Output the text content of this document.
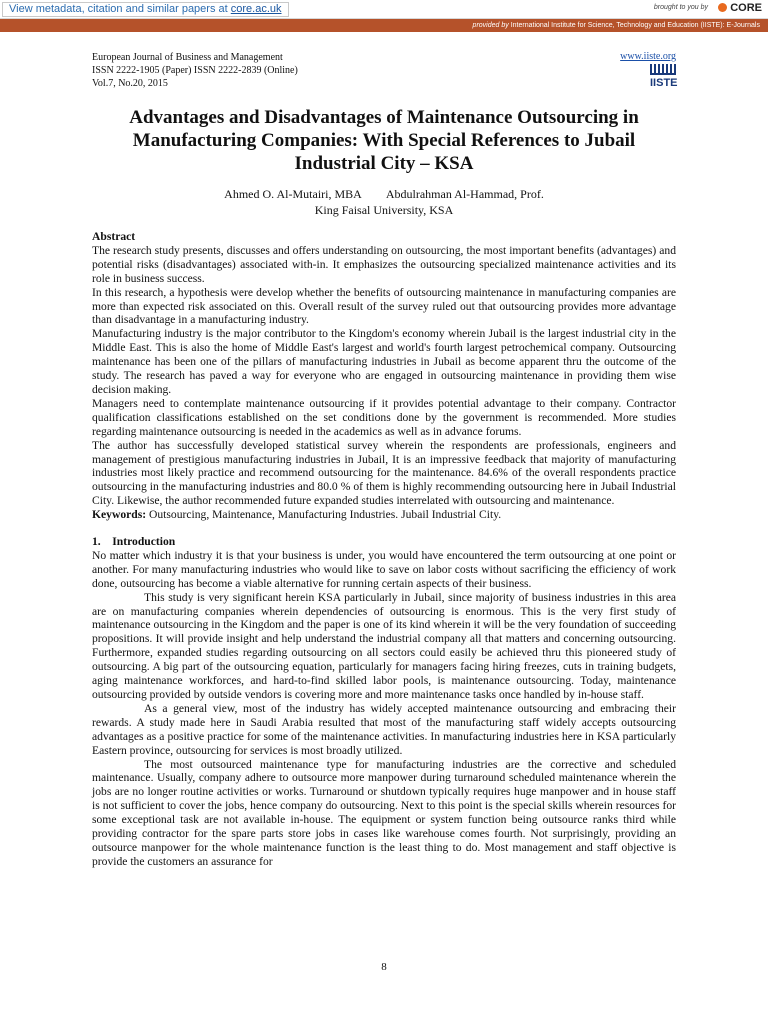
View metadata, citation and similar papers at core.ac.uk	brought to you by	CORE
provided by International Institute for Science, Technology and Education (IISTE): E-Journals
European Journal of Business and Management
ISSN 2222-1905 (Paper) ISSN 2222-2839 (Online)
Vol.7, No.20, 2015
www.iiste.org
IISTE
Advantages and Disadvantages of Maintenance Outsourcing in Manufacturing Companies: With Special References to Jubail Industrial City – KSA
Ahmed O. Al-Mutairi, MBA Abdulrahman Al-Hammad, Prof.
King Faisal University, KSA

Abstract

The research study presents, discusses and offers understanding on outsourcing, the most important benefits (advantages) and potential risks (disadvantages) associated with-in. It emphasizes the outsourcing specialized maintenance activities and its role in business success.

In this research, a hypothesis were develop whether the benefits of outsourcing maintenance in manufacturing companies are more than expected risk associated on this. Overall result of the survey ruled out that outsourcing provides more advantage than disadvantage in a manufacturing industry.

Manufacturing industry is the major contributor to the Kingdom's economy wherein Jubail is the largest industrial city in the Middle East. This is also the home of Middle East's largest and world's fourth largest petrochemical company. Outsourcing maintenance has been one of the pillars of manufacturing industries in Jubail as become apparent thru the outcome of the study. The research has paved a way for everyone who are engaged in outsourcing maintenance in providing them wise decision making.

Managers need to contemplate maintenance outsourcing if it provides potential advantage to their company. Contractor qualification classifications established on the set conditions done by the government is recommended. More studies regarding maintenance outsourcing is needed in the academics as well as in advance forums.

The author has successfully developed statistical survey wherein the respondents are professionals, engineers and management of prestigious manufacturing industries in Jubail, It is an impressive feedback that majority of manufacturing industries most likely practice and recommend outsourcing for the maintenance. 84.6% of the overall respondents practice outsourcing in the manufacturing industries and 80.0 % of them is highly recommending outsourcing here in Jubail Industrial City. Likewise, the author recommended future expanded studies interrelated with outsourcing and maintenance.

Keywords: Outsourcing, Maintenance, Manufacturing Industries. Jubail Industrial City.

1.    Introduction

No matter which industry it is that your business is under, you would have encountered the term outsourcing at one point or another. For many manufacturing industries who would like to save on labor costs without sacrificing the efficiency of work done, outsourcing has become a viable alternative for running certain aspects of their business.

This study is very significant herein KSA particularly in Jubail, since majority of business industries in this area are on manufacturing companies wherein dependencies of outsourcing is enormous. This is the very first study of maintenance outsourcing in the Kingdom and the paper is one of its kind wherein it will be the very foundation of succeeding propositions. It will provide insight and help understand the industrial company all that matters and concerning outsourcing. Furthermore, expanded studies regarding outsourcing on all sectors could easily be achieved thru this pioneered study of outsourcing. A big part of the outsourcing equation, particularly for managers facing hiring freezes, cuts in training budgets, aging maintenance workforces, and hard-to-find skilled labor pools, is maintenance outsourcing. Today, maintenance outsourcing provided by outside vendors is covering more and more maintenance tasks once handled by in-house staff.

As a general view, most of the industry has widely accepted maintenance outsourcing and embracing their rewards. A study made here in Saudi Arabia resulted that most of the manufacturing staff widely accepts outsourcing advantages as a positive practice for some of the maintenance activities. In manufacturing industries here in KSA particularly Eastern province, outsourcing for services is most broadly utilized.

The most outsourced maintenance type for manufacturing industries are the corrective and scheduled maintenance. Usually, company adhere to outsource more manpower during turnaround scheduled maintenance wherein the jobs are no longer routine activities or works. Turnaround or shutdown typically requires huge manpower and in house staff is not sufficient to cover the jobs, hence company do outsourcing. Next to this point is the special skills wherein resources for some exceptional task are not available in-house. The equipment or system function being outsource ranks third while providing contractor for the spare parts store jobs in cases like warehouse comes fourth. Not surprisingly, providing an outsource manpower for the whole maintenance function is the least thing to do. Most management and staff objective is provide the customers an assurance for

8
